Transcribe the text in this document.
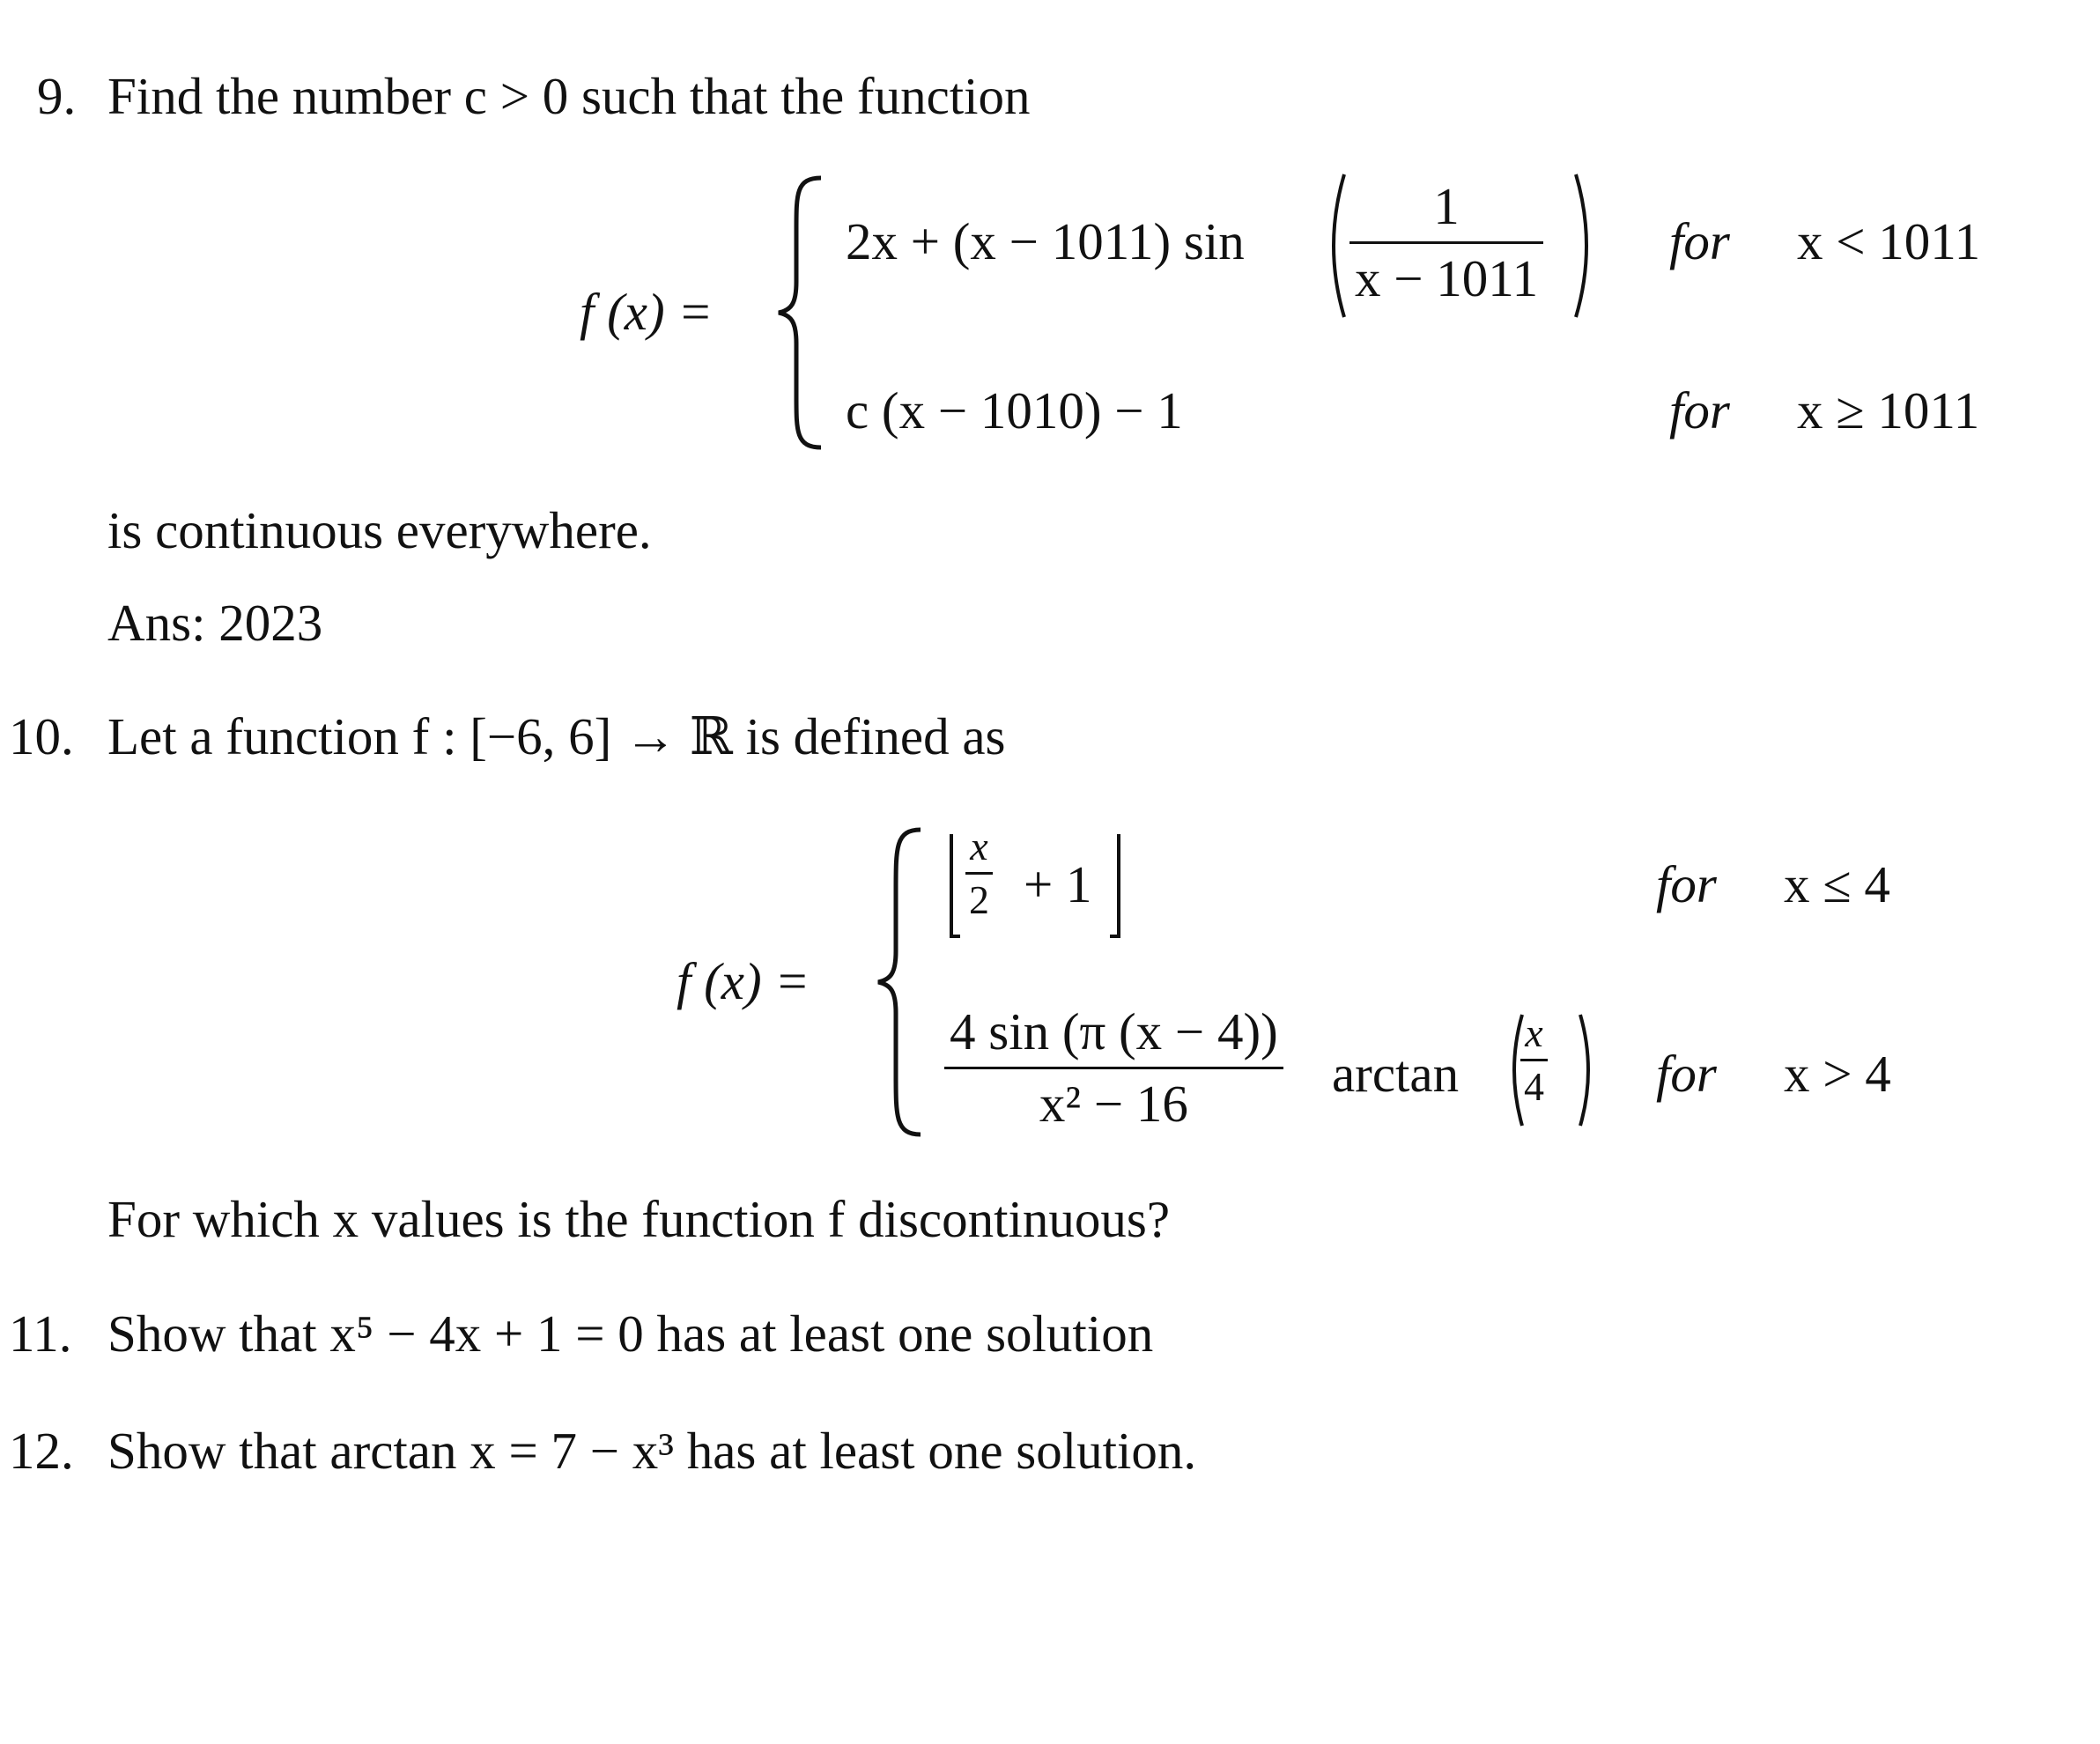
9. Find the number c > 0 such that the function
f (x) =
2x + (x − 1011) sin
1
x − 1011
for x < 1011
c (x − 1010) − 1	for x ≥ 1011
is continuous everywhere.
Ans: 2023
10. Let a function f : [−6, 6] → ℝ is defined as
f (x) =
x
2 + 1	for x ≤ 4
4 sin (π (x − 4))
x² − 16
arctan
x
4 for x > 4
For which x values is the function f discontinuous?
11. Show that x⁵ − 4x + 1 = 0 has at least one solution
12. Show that arctan x = 7 − x³ has at least one solution.
